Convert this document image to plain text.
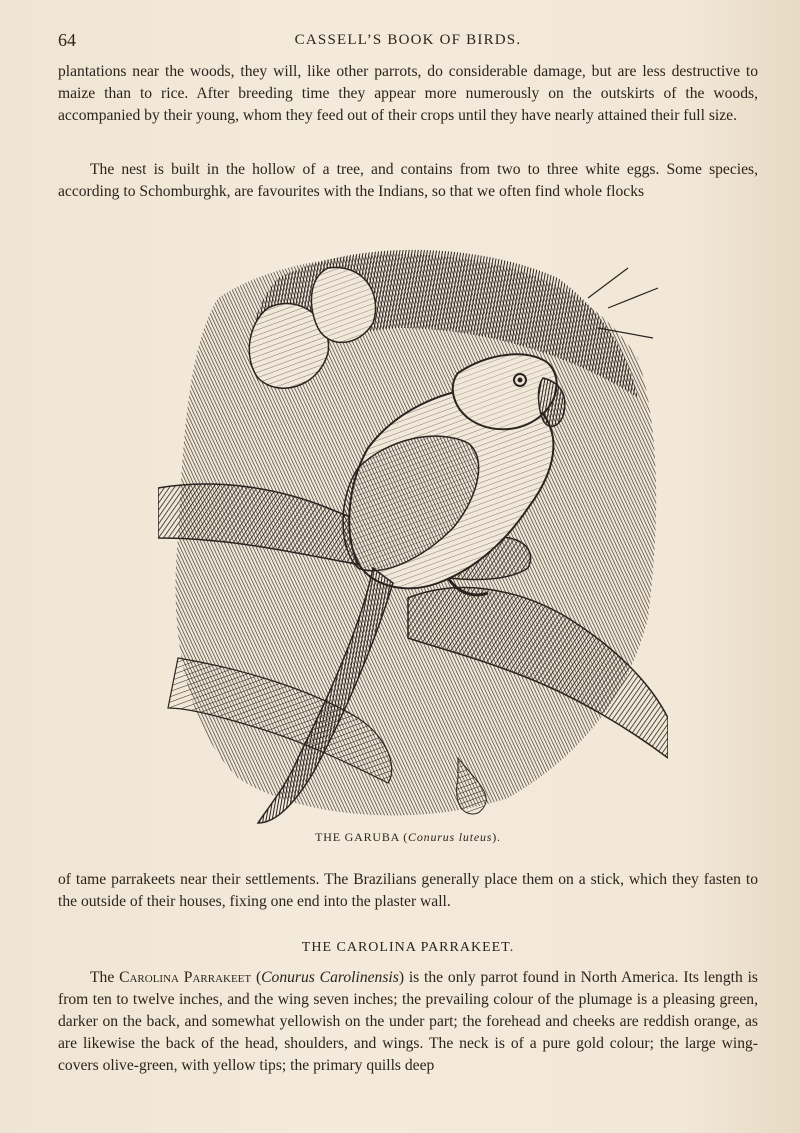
64	CASSELL’S BOOK OF BIRDS.

plantations near the woods, they will, like other parrots, do considerable damage, but are less destructive to maize than to rice. After breeding time they appear more numerously on the outskirts of the woods, accompanied by their young, whom they feed out of their crops until they have nearly attained their full size.

The nest is built in the hollow of a tree, and contains from two to three white eggs. Some species, according to Schomburghk, are favourites with the Indians, so that we often find whole flocks

THE GARUBA (Conurus luteus).

of tame parrakeets near their settlements. The Brazilians generally place them on a stick, which they fasten to the outside of their houses, fixing one end into the plaster wall.

THE CAROLINA PARRAKEET.

The Carolina Parrakeet (Conurus Carolinensis) is the only parrot found in North America. Its length is from ten to twelve inches, and the wing seven inches; the prevailing colour of the plumage is a pleasing green, darker on the back, and somewhat yellowish on the under part; the forehead and cheeks are reddish orange, as are likewise the back of the head, shoulders, and wings. The neck is of a pure gold colour; the large wing-covers olive-green, with yellow tips; the primary quills deep
